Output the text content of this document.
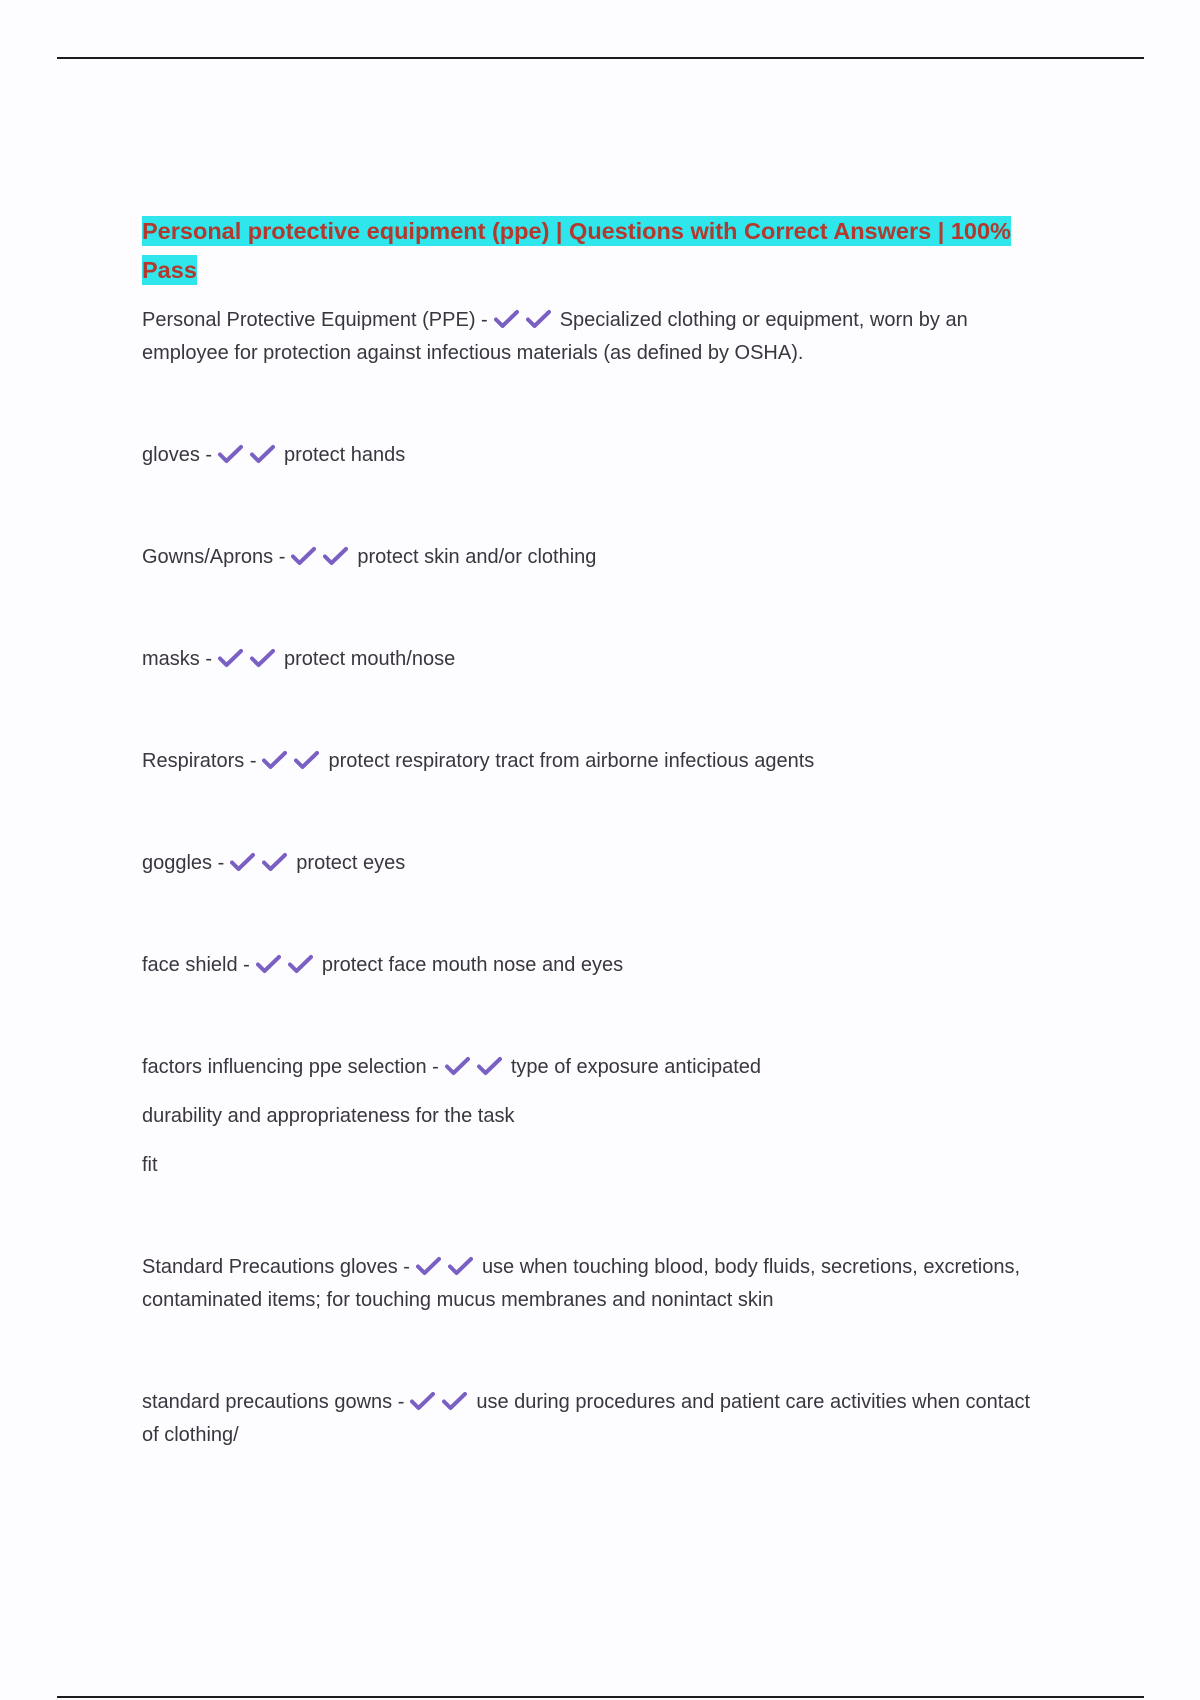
Personal protective equipment (ppe) | Questions with Correct Answers | 100% Pass
Personal Protective Equipment (PPE) -	Specialized clothing or equipment, worn by an employee for protection against infectious materials (as defined by OSHA).
gloves -	protect hands
Gowns/Aprons -	protect skin and/or clothing
masks -	protect mouth/nose
Respirators -	protect respiratory tract from airborne infectious agents
goggles -	protect eyes
face shield -	protect face mouth nose and eyes
factors influencing ppe selection -	type of exposure anticipated
durability and appropriateness for the task
fit
Standard Precautions gloves -	use when touching blood, body fluids, secretions, excretions, contaminated items; for touching mucus membranes and nonintact skin
standard precautions gowns -	use during procedures and patient care activities when contact of clothing/
